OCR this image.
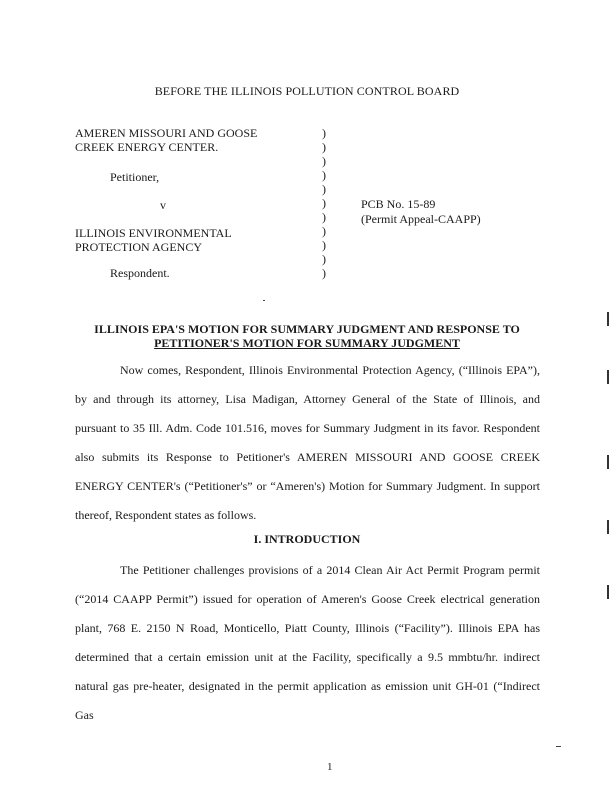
BEFORE THE ILLINOIS POLLUTION CONTROL BOARD
AMEREN MISSOURI AND GOOSE
CREEK ENERGY CENTER.
Petitioner,
v
ILLINOIS ENVIRONMENTAL
PROTECTION AGENCY
Respondent.
)
)
)
)
)
)
)
)
)
)
)
PCB No. 15-89
(Permit Appeal-CAAPP)
ILLINOIS EPA'S MOTION FOR SUMMARY JUDGMENT AND RESPONSE TO
PETITIONER'S MOTION FOR SUMMARY JUDGMENT
Now comes, Respondent, Illinois Environmental Protection Agency, (“Illinois EPA”), by and through its attorney, Lisa Madigan, Attorney General of the State of Illinois, and pursuant to 35 Ill. Adm. Code 101.516, moves for Summary Judgment in its favor. Respondent also submits its Response to Petitioner's AMEREN MISSOURI AND GOOSE CREEK ENERGY CENTER's (“Petitioner's” or “Ameren's) Motion for Summary Judgment. In support thereof, Respondent states as follows.
I. INTRODUCTION
The Petitioner challenges provisions of a 2014 Clean Air Act Permit Program permit (“2014 CAAPP Permit”) issued for operation of Ameren's Goose Creek electrical generation plant, 768 E. 2150 N Road, Monticello, Piatt County, Illinois (“Facility”). Illinois EPA has determined that a certain emission unit at the Facility, specifically a 9.5 mmbtu/hr. indirect natural gas pre-heater, designated in the permit application as emission unit GH-01 (“Indirect Gas
1
